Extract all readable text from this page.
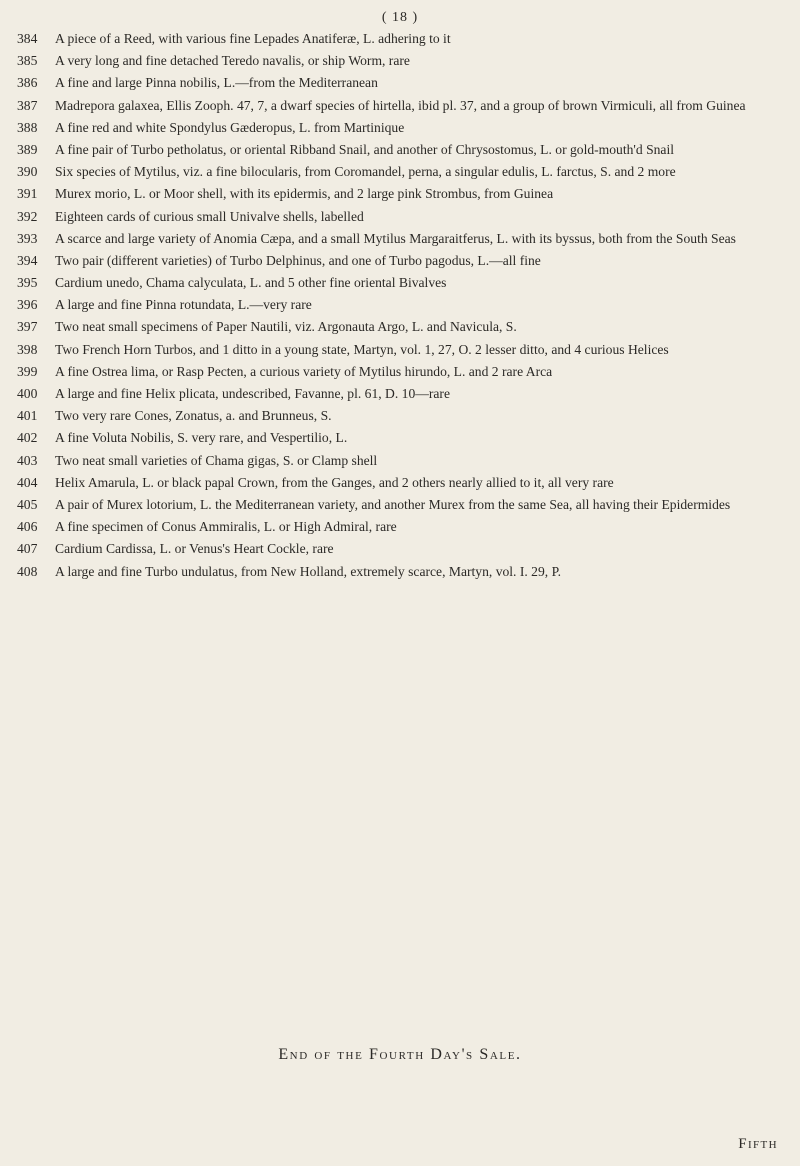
( 18 )
384	A piece of a Reed, with various fine Lepades Anatiferæ, L. adhering to it
385	A very long and fine detached Teredo navalis, or ship Worm, rare
386	A fine and large Pinna nobilis, L.—from the Mediterranean
387	Madrepora galaxea, Ellis Zooph. 47, 7, a dwarf species of hirtella, ibid pl. 37, and a group of brown Virmiculi, all from Guinea
388	A fine red and white Spondylus Gæderopus, L. from Martinique
389	A fine pair of Turbo petholatus, or oriental Ribband Snail, and another of Chrysostomus, L. or gold-mouth'd Snail
390	Six species of Mytilus, viz. a fine bilocularis, from Coromandel, perna, a singular edulis, L. farctus, S. and 2 more
391	Murex morio, L. or Moor shell, with its epidermis, and 2 large pink Strombus, from Guinea
392	Eighteen cards of curious small Univalve shells, labelled
393	A scarce and large variety of Anomia Cæpa, and a small Mytilus Margaraitferus, L. with its byssus, both from the South Seas
394	Two pair (different varieties) of Turbo Delphinus, and one of Turbo pagodus, L.—all fine
395	Cardium unedo, Chama calyculata, L. and 5 other fine oriental Bivalves
396	A large and fine Pinna rotundata, L.—very rare
397	Two neat small specimens of Paper Nautili, viz. Argonauta Argo, L. and Navicula, S.
398	Two French Horn Turbos, and 1 ditto in a young state, Martyn, vol. 1, 27, O. 2 lesser ditto, and 4 curious Helices
399	A fine Ostrea lima, or Rasp Pecten, a curious variety of Mytilus hirundo, L. and 2 rare Arca
400	A large and fine Helix plicata, undescribed, Favanne, pl. 61, D. 10—rare
401	Two very rare Cones, Zonatus, a. and Brunneus, S.
402	A fine Voluta Nobilis, S. very rare, and Vespertilio, L.
403	Two neat small varieties of Chama gigas, S. or Clamp shell
404	Helix Amarula, L. or black papal Crown, from the Ganges, and 2 others nearly allied to it, all very rare
405	A pair of Murex lotorium, L. the Mediterranean variety, and another Murex from the same Sea, all having their Epidermides
406	A fine specimen of Conus Ammiralis, L. or High Admiral, rare
407	Cardium Cardissa, L. or Venus's Heart Cockle, rare
408	A large and fine Turbo undulatus, from New Holland, extremely scarce, Martyn, vol. I. 29, P.
End of the Fourth Day's Sale.
Fifth
